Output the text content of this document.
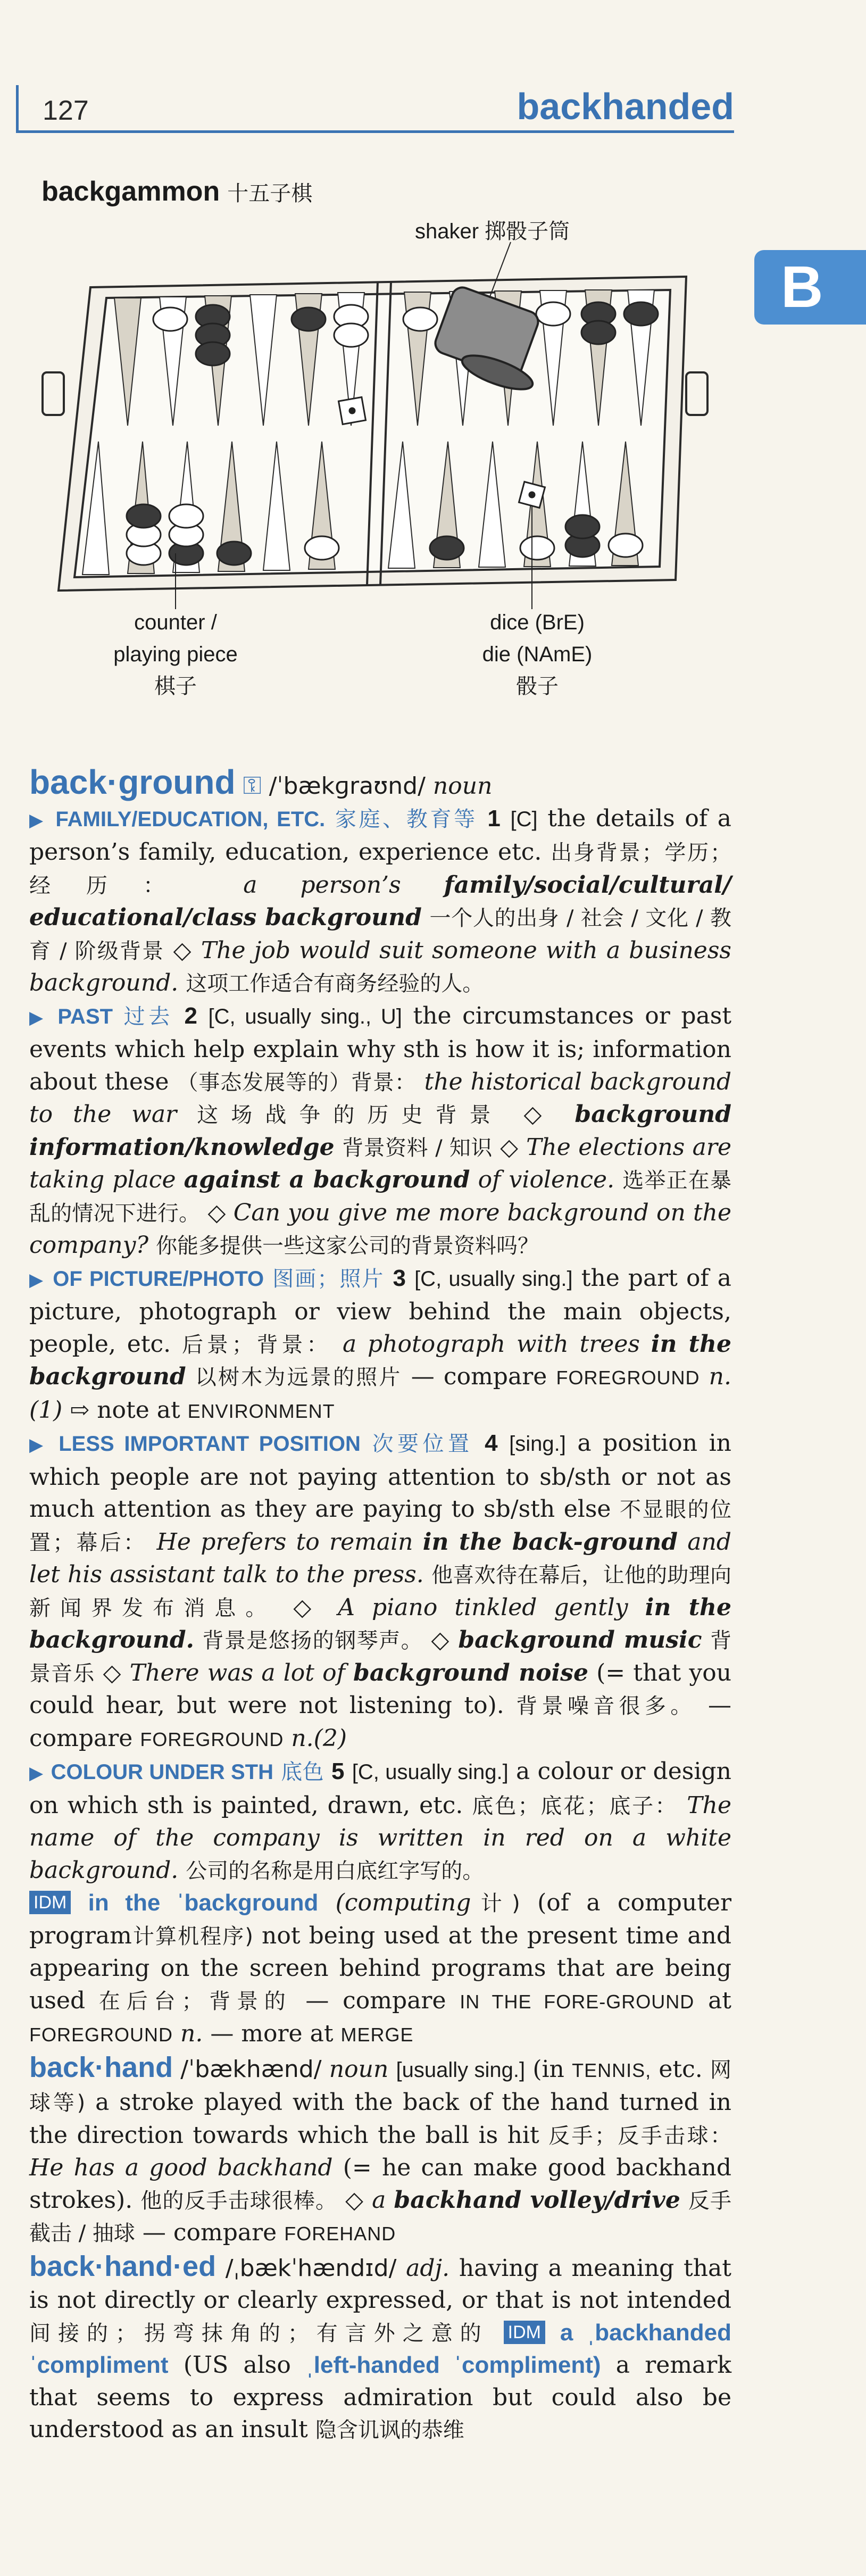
127	backhanded
B
backgammon 十五子棋
shaker 掷骰子筒
counter /
playing piece
棋子
dice (BrE)
die (NAmE)
骰子
back·ground ⚿ /ˈbækɡraʊnd/ noun
▶ FAMILY/EDUCATION, ETC. 家庭、教育等 1 [C] the details of a person’s family, education, experience etc. 出身背景；学历；经历： a person’s family/social/cultural/ educational/class background 一个人的出身 / 社会 / 文化 / 教育 / 阶级背景 ◇ The job would suit someone with a business background. 这项工作适合有商务经验的人。
▶ PAST 过去 2 [C, usually sing., U] the circumstances or past events which help explain why sth is how it is; information about these （事态发展等的）背景： the historical background to the war 这场战争的历史背景 ◇ background information/knowledge 背景资料 / 知识 ◇ The elections are taking place against a background of violence. 选举正在暴乱的情况下进行。 ◇ Can you give me more background on the company? 你能多提供一些这家公司的背景资料吗？
▶ OF PICTURE/PHOTO 图画；照片 3 [C, usually sing.] the part of a picture, photograph or view behind the main objects, people, etc. 后景；背景： a photograph with trees in the background 以树木为远景的照片 — compare FOREGROUND n.(1) ⇨ note at ENVIRONMENT
▶ LESS IMPORTANT POSITION 次要位置 4 [sing.] a position in which people are not paying attention to sb/sth or not as much attention as they are paying to sb/sth else 不显眼的位置；幕后： He prefers to remain in the back-ground and let his assistant talk to the press. 他喜欢待在幕后，让他的助理向新闻界发布消息。 ◇ A piano tinkled gently in the background. 背景是悠扬的钢琴声。 ◇ background music 背景音乐 ◇ There was a lot of background noise (= that you could hear, but were not listening to). 背景噪音很多。 — compare FOREGROUND n.(2)
▶ COLOUR UNDER STH 底色 5 [C, usually sing.] a colour or design on which sth is painted, drawn, etc. 底色；底花；底子： The name of the company is written in red on a white background. 公司的名称是用白底红字写的。
IDM in the ˈbackground (computing计) (of a computer program计算机程序) not being used at the present time and appearing on the screen behind programs that are being used 在后台；背景的 — compare IN THE FORE-GROUND at FOREGROUND n. — more at MERGE
back·hand /ˈbækhænd/ noun [usually sing.] (in TENNIS, etc. 网球等) a stroke played with the back of the hand turned in the direction towards which the ball is hit 反手；反手击球： He has a good backhand (= he can make good backhand strokes). 他的反手击球很棒。 ◇ a backhand volley/drive 反手截击 / 抽球 — compare FOREHAND
back·hand·ed /ˌbækˈhændɪd/ adj. having a meaning that is not directly or clearly expressed, or that is not intended 间接的；拐弯抹角的；有言外之意的 IDM a ˌbackhanded ˈcompliment (US also ˌleft-handed ˈcompliment) a remark that seems to express admiration but could also be understood as an insult 隐含讥讽的恭维
